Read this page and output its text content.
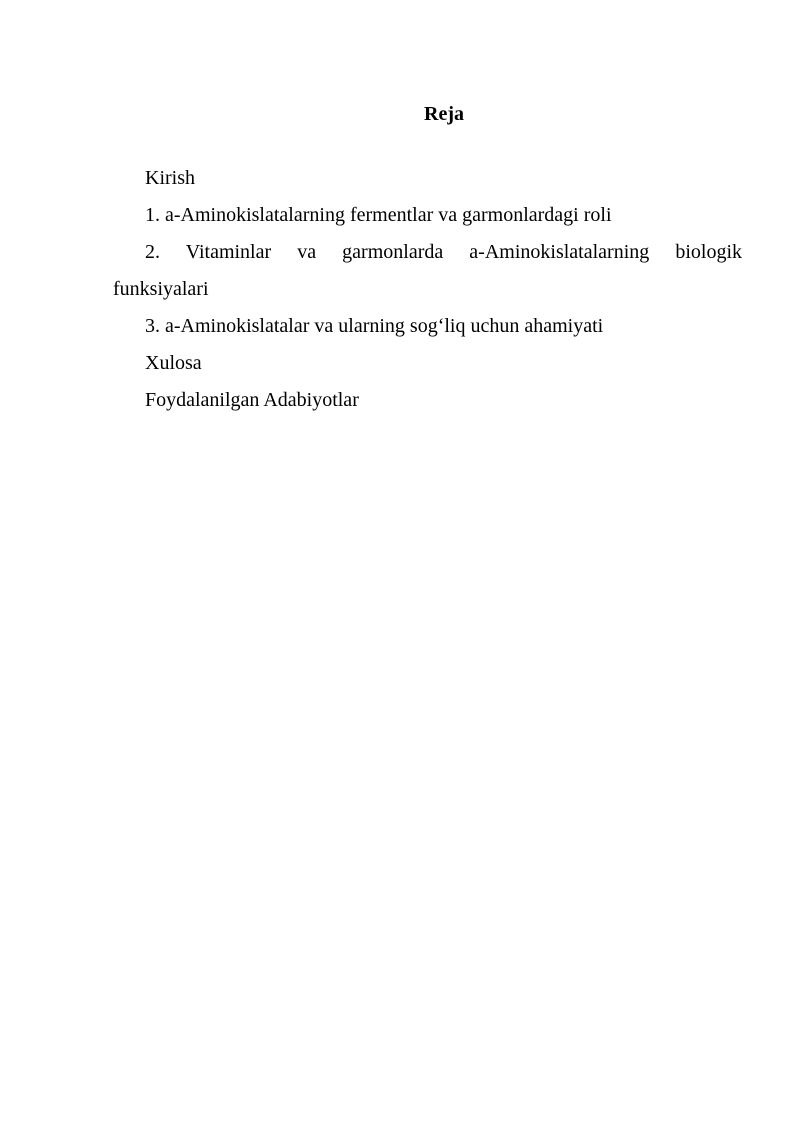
Reja
Kirish
1. a-Aminokislatalarning fermentlar va garmonlardagi roli
2. Vitaminlar va garmonlarda a-Aminokislatalarning biologik
funksiyalari
3. a-Aminokislatalar va ularning sog‘liq uchun ahamiyati
Xulosa
Foydalanilgan Adabiyotlar
